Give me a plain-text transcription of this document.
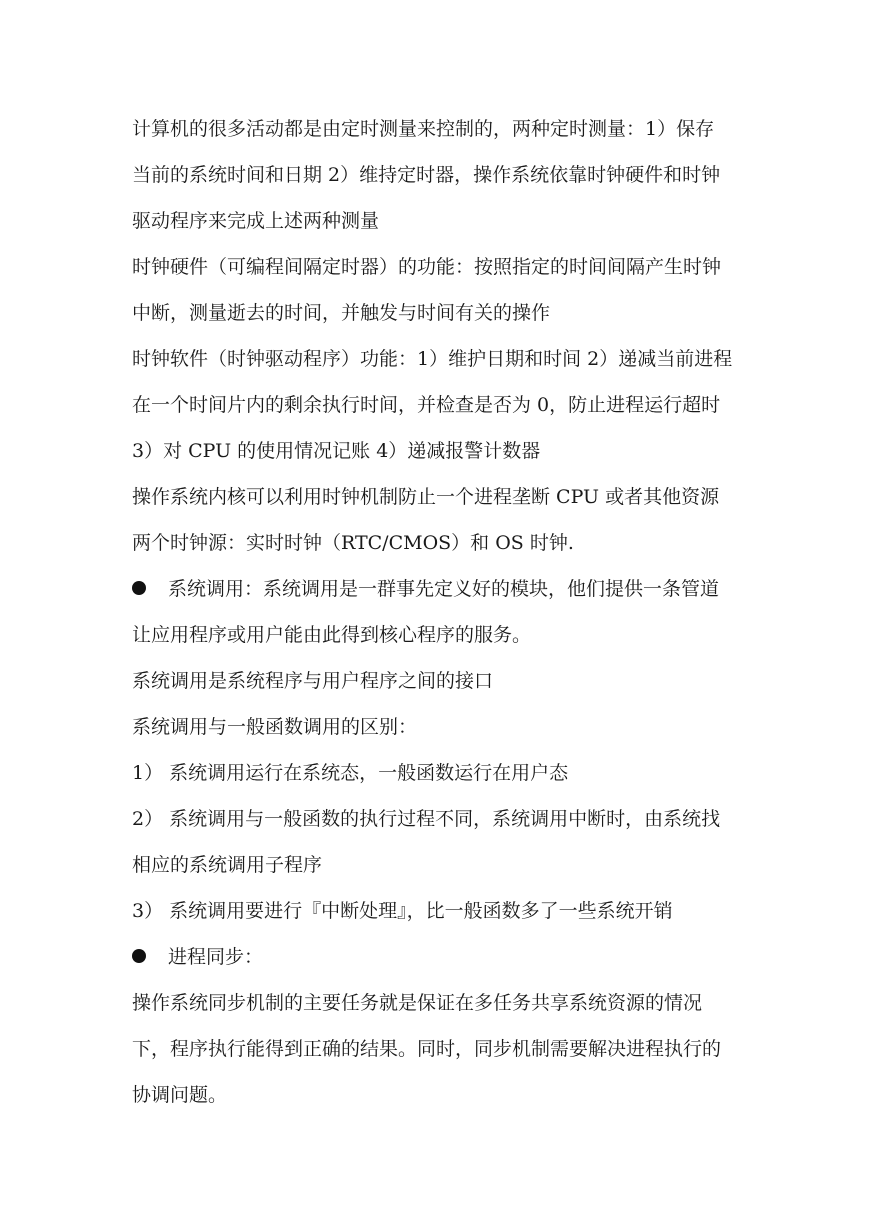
计算机的很多活动都是由定时测量来控制的，两种定时测量：1）保存
当前的系统时间和日期 2）维持定时器，操作系统依靠时钟硬件和时钟
驱动程序来完成上述两种测量
时钟硬件（可编程间隔定时器）的功能：按照指定的时间间隔产生时钟
中断，测量逝去的时间，并触发与时间有关的操作
时钟软件（时钟驱动程序）功能：1）维护日期和时间 2）递减当前进程
在一个时间片内的剩余执行时间，并检查是否为 0，防止进程运行超时
3）对 CPU 的使用情况记账 4）递减报警计数器
操作系统内核可以利用时钟机制防止一个进程垄断 CPU 或者其他资源
两个时钟源：实时时钟（RTC/CMOS）和 OS 时钟.
系统调用：系统调用是一群事先定义好的模块，他们提供一条管道
让应用程序或用户能由此得到核心程序的服务。
系统调用是系统程序与用户程序之间的接口
系统调用与一般函数调用的区别：
1） 系统调用运行在系统态，一般函数运行在用户态
2） 系统调用与一般函数的执行过程不同，系统调用中断时，由系统找
相应的系统调用子程序
3） 系统调用要进行『中断处理』，比一般函数多了一些系统开销
进程同步：
操作系统同步机制的主要任务就是保证在多任务共享系统资源的情况
下，程序执行能得到正确的结果。同时，同步机制需要解决进程执行的
协调问题。
